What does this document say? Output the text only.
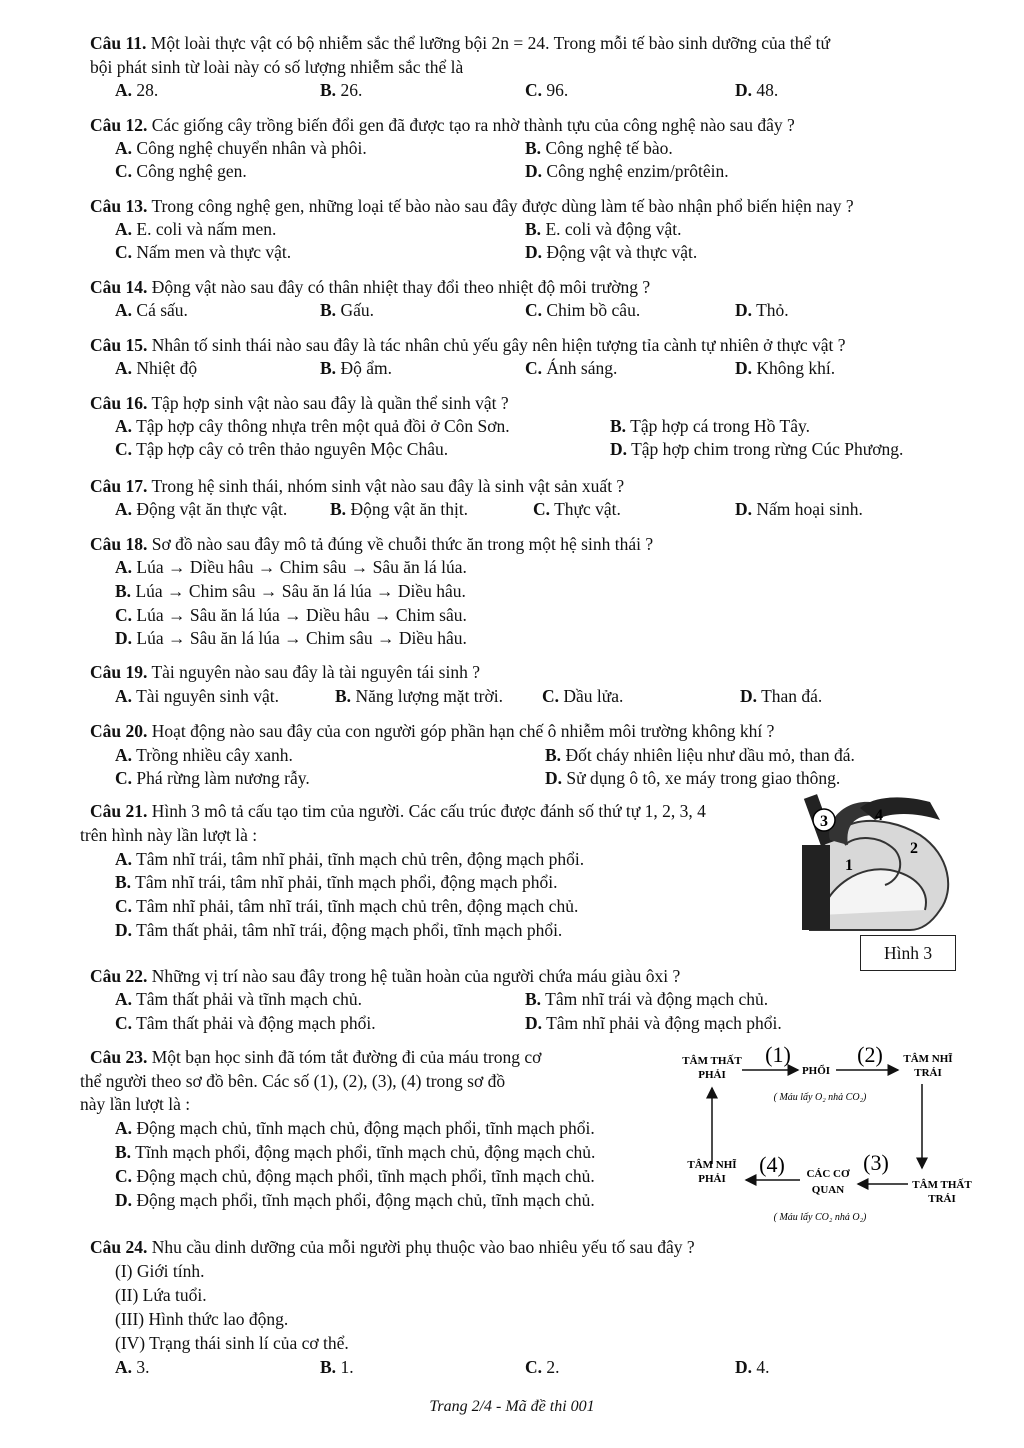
Câu 11. Một loài thực vật có bộ nhiễm sắc thể lưỡng bội 2n = 24. Trong mỗi tế bào sinh dưỡng của thể tứ
bội phát sinh từ loài này có số lượng nhiễm sắc thể là
A. 28.	B. 26.	C. 96.	D. 48.
Câu 12. Các giống cây trồng biến đổi gen đã được tạo ra nhờ thành tựu của công nghệ nào sau đây ?
A. Công nghệ chuyển nhân và phôi.	B. Công nghệ tế bào.
C. Công nghệ gen.	D. Công nghệ enzim/prôtêin.
Câu 13. Trong công nghệ gen, những loại tế bào nào sau đây được dùng làm tế bào nhận phổ biến hiện nay ?
A. E. coli và nấm men.	B. E. coli và động vật.
C. Nấm men và thực vật.	D. Động vật và thực vật.
Câu 14. Động vật nào sau đây có thân nhiệt thay đổi theo nhiệt độ môi trường ?
A. Cá sấu.	B. Gấu.	C. Chim bồ câu.	D. Thỏ.
Câu 15. Nhân tố sinh thái nào sau đây là tác nhân chủ yếu gây nên hiện tượng tỉa cành tự nhiên ở thực vật ?
A. Nhiệt độ	B. Độ ẩm.	C. Ánh sáng.	D. Không khí.
Câu 16. Tập hợp sinh vật nào sau đây là quần thể sinh vật ?
A. Tập hợp cây thông nhựa trên một quả đồi ở Côn Sơn.	B. Tập hợp cá trong Hồ Tây.
C. Tập hợp cây cỏ trên thảo nguyên Mộc Châu.	D. Tập hợp chim trong rừng Cúc Phương.
Câu 17. Trong hệ sinh thái, nhóm sinh vật nào sau đây là sinh vật sản xuất ?
A. Động vật ăn thực vật. B. Động vật ăn thịt.	C. Thực vật.	D. Nấm hoại sinh.
Câu 18. Sơ đồ nào sau đây mô tả đúng về chuỗi thức ăn trong một hệ sinh thái ?
A. Lúa → Diều hâu → Chim sâu → Sâu ăn lá lúa.
B. Lúa → Chim sâu → Sâu ăn lá lúa → Diều hâu.
C. Lúa → Sâu ăn lá lúa → Diều hâu → Chim sâu.
D. Lúa → Sâu ăn lá lúa → Chim sâu → Diều hâu.
Câu 19. Tài nguyên nào sau đây là tài nguyên tái sinh ?
A. Tài nguyên sinh vật.	B. Năng lượng mặt trời. C. Dầu lửa.	D. Than đá.
Câu 20. Hoạt động nào sau đây của con người góp phần hạn chế ô nhiễm môi trường không khí ?
A. Trồng nhiều cây xanh.	B. Đốt cháy nhiên liệu như dầu mỏ, than đá.
C. Phá rừng làm nương rẫy.	D. Sử dụng ô tô, xe máy trong giao thông.
Câu 21. Hình 3 mô tả cấu tạo tim của người. Các cấu trúc được đánh số thứ tự 1, 2, 3, 4
trên hình này lần lượt là :
A. Tâm nhĩ trái, tâm nhĩ phải, tĩnh mạch chủ trên, động mạch phổi.
B. Tâm nhĩ trái, tâm nhĩ phải, tĩnh mạch phổi, động mạch phổi.
C. Tâm nhĩ phải, tâm nhĩ trái, tĩnh mạch chủ trên, động mạch chủ.
D. Tâm thất phải, tâm nhĩ trái, động mạch phổi, tĩnh mạch phổi.
3	4
2
1
Hình 3
Câu 22. Những vị trí nào sau đây trong hệ tuần hoàn của người chứa máu giàu ôxi ?
A. Tâm thất phải và tĩnh mạch chủ.	B. Tâm nhĩ trái và động mạch chủ.
C. Tâm thất phải và động mạch phổi.	D. Tâm nhĩ phải và động mạch phổi.
Câu 23. Một bạn học sinh đã tóm tắt đường đi của máu trong cơ
thể người theo sơ đồ bên. Các số (1), (2), (3), (4) trong sơ đồ
này lần lượt là :
A. Động mạch chủ, tĩnh mạch chủ, động mạch phổi, tĩnh mạch phổi.
B. Tĩnh mạch phổi, động mạch phổi, tĩnh mạch chủ, động mạch chủ.
C. Động mạch chủ, động mạch phổi, tĩnh mạch phổi, tĩnh mạch chủ.
D. Động mạch phổi, tĩnh mạch phổi, động mạch chủ, tĩnh mạch chủ.
TÂM THẤT
PHẢI
(1)
PHỔI
(2) TÂM NHĨ
TRÁI
( Máu lấy O₂ nhả CO₂)
TÂM NHĨ
PHẢI
(4) CÁC CƠ
QUAN
(3)
TÂM THẤT
TRÁI
( Máu lấy CO₂ nhả O₂)
Câu 24. Nhu cầu dinh dưỡng của mỗi người phụ thuộc vào bao nhiêu yếu tố sau đây ?
(I) Giới tính.
(II) Lứa tuổi.
(III) Hình thức lao động.
(IV) Trạng thái sinh lí của cơ thể.
A. 3.	B. 1.	C. 2.	D. 4.
Trang 2/4 - Mã đề thi 001
